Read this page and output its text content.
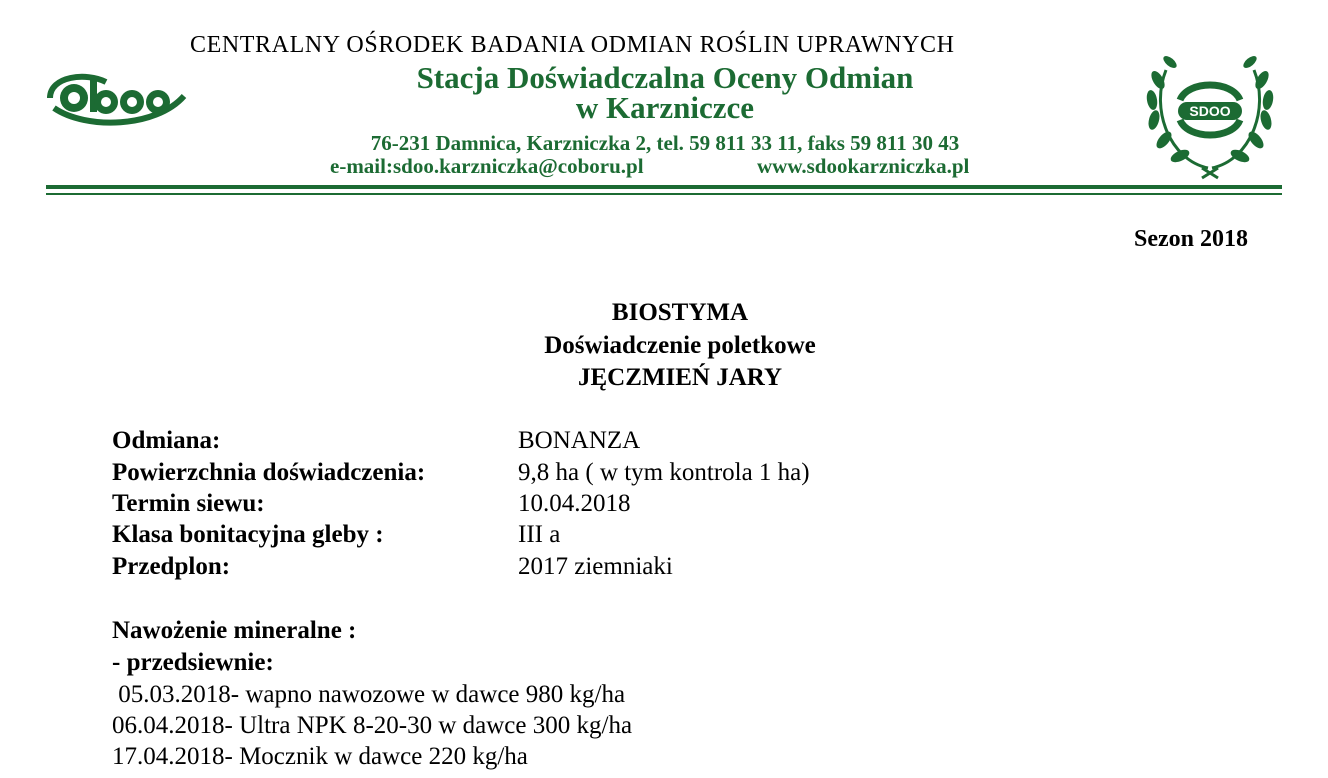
CENTRALNY OŚRODEK BADANIA ODMIAN ROŚLIN UPRAWNYCH
Stacja Doświadczalna Oceny Odmian
w Karzniczce
76-231 Damnica, Karzniczka 2, tel. 59 811 33 11, faks 59 811 30 43
e-mail:sdoo.karzniczka@coboru.pl	www.sdookarzniczka.pl
SDOO
Sezon 2018
BIOSTYMA
Doświadczenie poletkowe
JĘCZMIEŃ JARY
Odmiana:	BONANZA
Powierzchnia doświadczenia:	9,8 ha ( w tym kontrola 1 ha)
Termin siewu:	10.04.2018
Klasa bonitacyjna gleby :	III a
Przedplon:	2017 ziemniaki
Nawożenie mineralne :
- przedsiewnie:
05.03.2018- wapno nawozowe w dawce 980 kg/ha
06.04.2018- Ultra NPK 8-20-30 w dawce 300 kg/ha
17.04.2018- Mocznik w dawce 220 kg/ha
